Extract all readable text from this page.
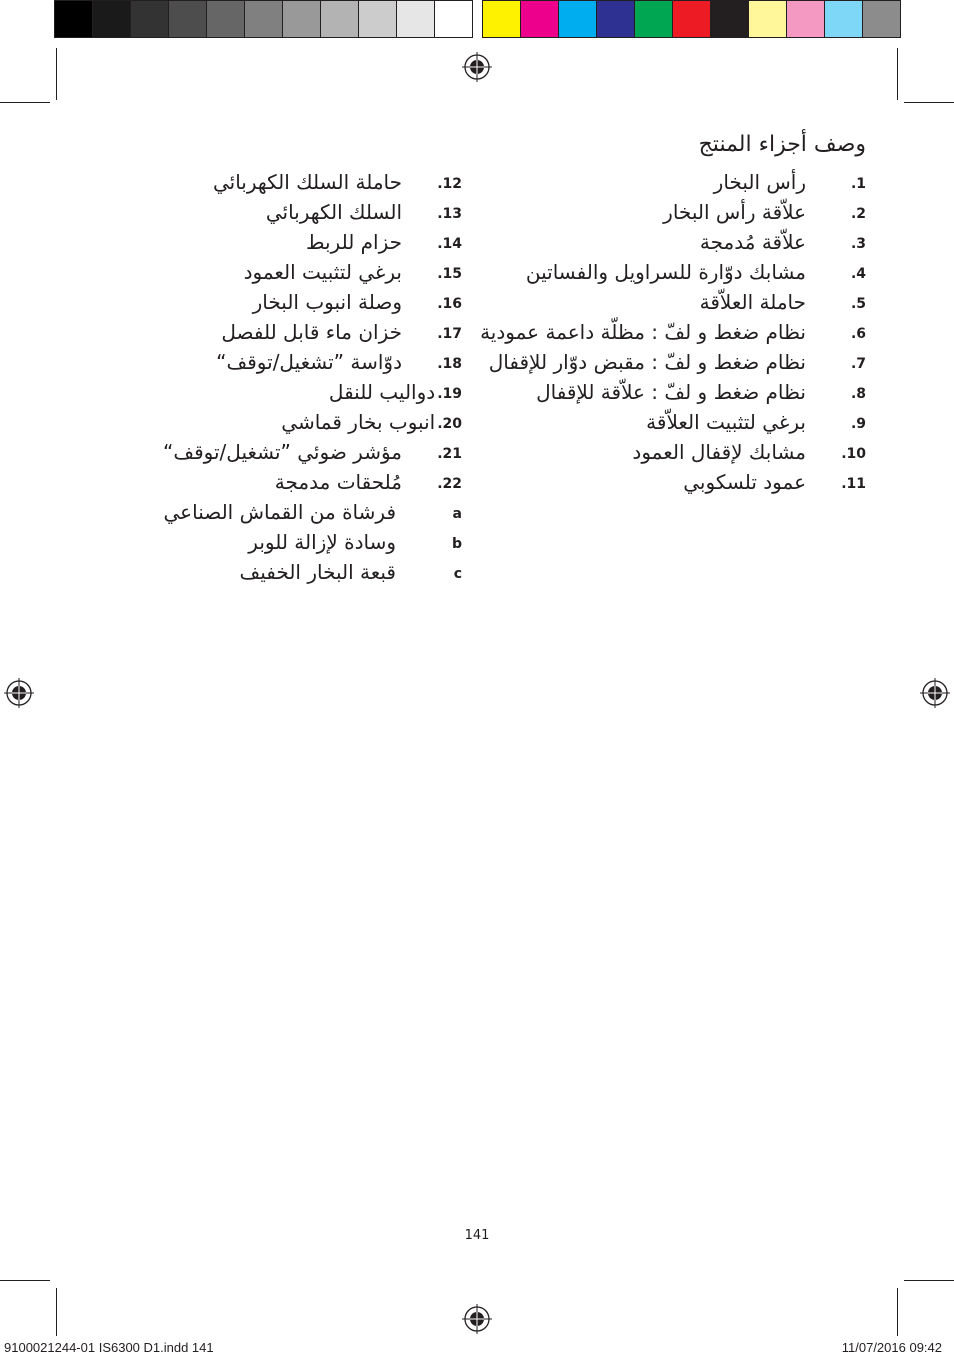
وصف أجزاء المنتج
.1
رأس البخار
.2
علاّقة رأس البخار
.3
علاّقة مُدمجة
.4
مشابك دوّارة للسراويل والفساتين
.5
حاملة العلاّقة
.6
نظام ضغط و لفّ : مظلّة داعمة عمودية
.7
نظام ضغط و لفّ : مقبض دوّار للإقفال
.8
نظام ضغط و لفّ : علاّقة للإقفال
.9
برغي لتثبيت العلاّقة
.10
مشابك لإقفال العمود
.11
عمود تلسكوبي
.12
حاملة السلك الكهربائي
.13
السلك الكهربائي
.14
حزام للربط
.15
برغي لتثبيت العمود
.16
وصلة انبوب البخار
.17
خزان ماء قابل للفصل
.18
دوّاسة ”تشغيل/توقف“
.19
دواليب للنقل
.20
انبوب بخار قماشي
.21
مؤشر ضوئي ”تشغيل/توقف“
.22
مُلحقات مدمجة
a
فرشاة من القماش الصناعي
b
وسادة لإزالة للوبر
c
قبعة البخار الخفيف
141
9100021244-01 IS6300 D1.indd 141	11/07/2016 09:42
